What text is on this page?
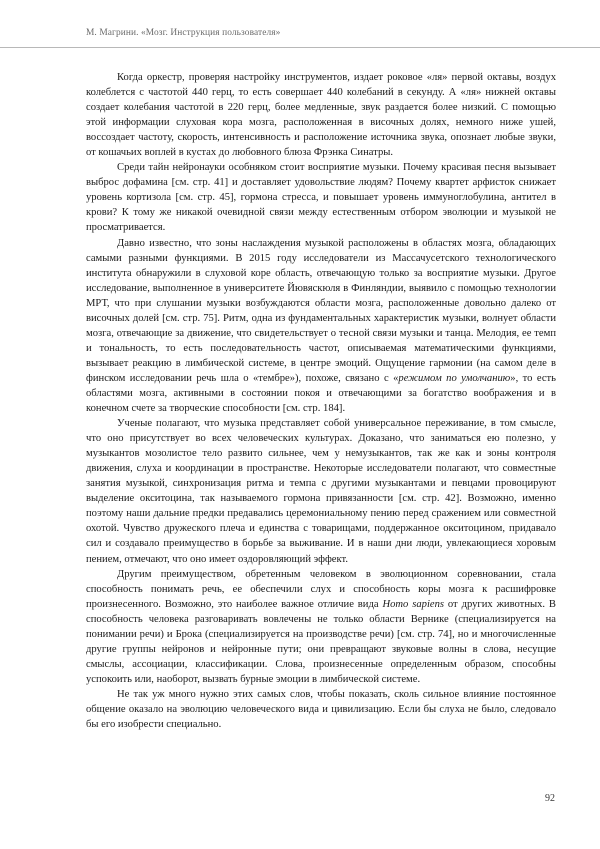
М. Магрини. «Мозг. Инструкция пользователя»

Когда оркестр, проверяя настройку инструментов, издает роковое «ля» первой октавы, воздух колеблется с частотой 440 герц, то есть совершает 440 колебаний в секунду. А «ля» нижней октавы создает колебания частотой в 220 герц, более медленные, звук раздается более низкий. С помощью этой информации слуховая кора мозга, расположенная в височных долях, немного ниже ушей, воссоздает частоту, скорость, интенсивность и расположение источника звука, опознает любые звуки, от кошачьих воплей в кустах до любовного блюза Фрэнка Синатры.

Среди тайн нейронауки особняком стоит восприятие музыки. Почему красивая песня вызывает выброс дофамина [см. стр. 41] и доставляет удовольствие людям? Почему квартет арфисток снижает уровень кортизола [см. стр. 45], гормона стресса, и повышает уровень иммуноглобулина, антител в крови? К тому же никакой очевидной связи между естественным отбором эволюции и музыкой не просматривается.

Давно известно, что зоны наслаждения музыкой расположены в областях мозга, обладающих самыми разными функциями. В 2015 году исследователи из Массачусетского технологического института обнаружили в слуховой коре область, отвечающую только за восприятие музыки. Другое исследование, выполненное в университете Йювяскюля в Финляндии, выявило с помощью технологии МРТ, что при слушании музыки возбуждаются области мозга, расположенные довольно далеко от височных долей [см. стр. 75]. Ритм, одна из фундаментальных характеристик музыки, волнует области мозга, отвечающие за движение, что свидетельствует о тесной связи музыки и танца. Мелодия, ее темп и тональность, то есть последовательность частот, описываемая математическими функциями, вызывает реакцию в лимбической системе, в центре эмоций. Ощущение гармонии (на самом деле в финском исследовании речь шла о «тембре»), похоже, связано с «режимом по умолчанию», то есть областями мозга, активными в состоянии покоя и отвечающими за богатство воображения и в конечном счете за творческие способности [см. стр. 184].

Ученые полагают, что музыка представляет собой универсальное переживание, в том смысле, что оно присутствует во всех человеческих культурах. Доказано, что заниматься ею полезно, у музыкантов мозолистое тело развито сильнее, чем у немузыкантов, так же как и зоны контроля движения, слуха и координации в пространстве. Некоторые исследователи полагают, что совместные занятия музыкой, синхронизация ритма и темпа с другими музыкантами и певцами провоцируют выделение окситоцина, так называемого гормона привязанности [см. стр. 42]. Возможно, именно поэтому наши дальние предки предавались церемониальному пению перед сражением или совместной охотой. Чувство дружеского плеча и единства с товарищами, поддержанное окситоцином, придавало сил и создавало преимущество в борьбе за выживание. И в наши дни люди, увлекающиеся хоровым пением, отмечают, что оно имеет оздоровляющий эффект.

Другим преимуществом, обретенным человеком в эволюционном соревновании, стала способность понимать речь, ее обеспечили слух и способность коры мозга к расшифровке произнесенного. Возможно, это наиболее важное отличие вида Homo sapiens от других животных. В способность человека разговаривать вовлечены не только области Вернике (специализируется на понимании речи) и Брока (специализируется на производстве речи) [см. стр. 74], но и многочисленные другие группы нейронов и нейронные пути; они превращают звуковые волны в слова, несущие смыслы, ассоциации, классификации. Слова, произнесенные определенным образом, способны успокоить или, наоборот, вызвать бурные эмоции в лимбической системе.

Не так уж много нужно этих самых слов, чтобы показать, сколь сильное влияние постоянное общение оказало на эволюцию человеческого вида и цивилизацию. Если бы слуха не было, следовало бы его изобрести специально.

92
